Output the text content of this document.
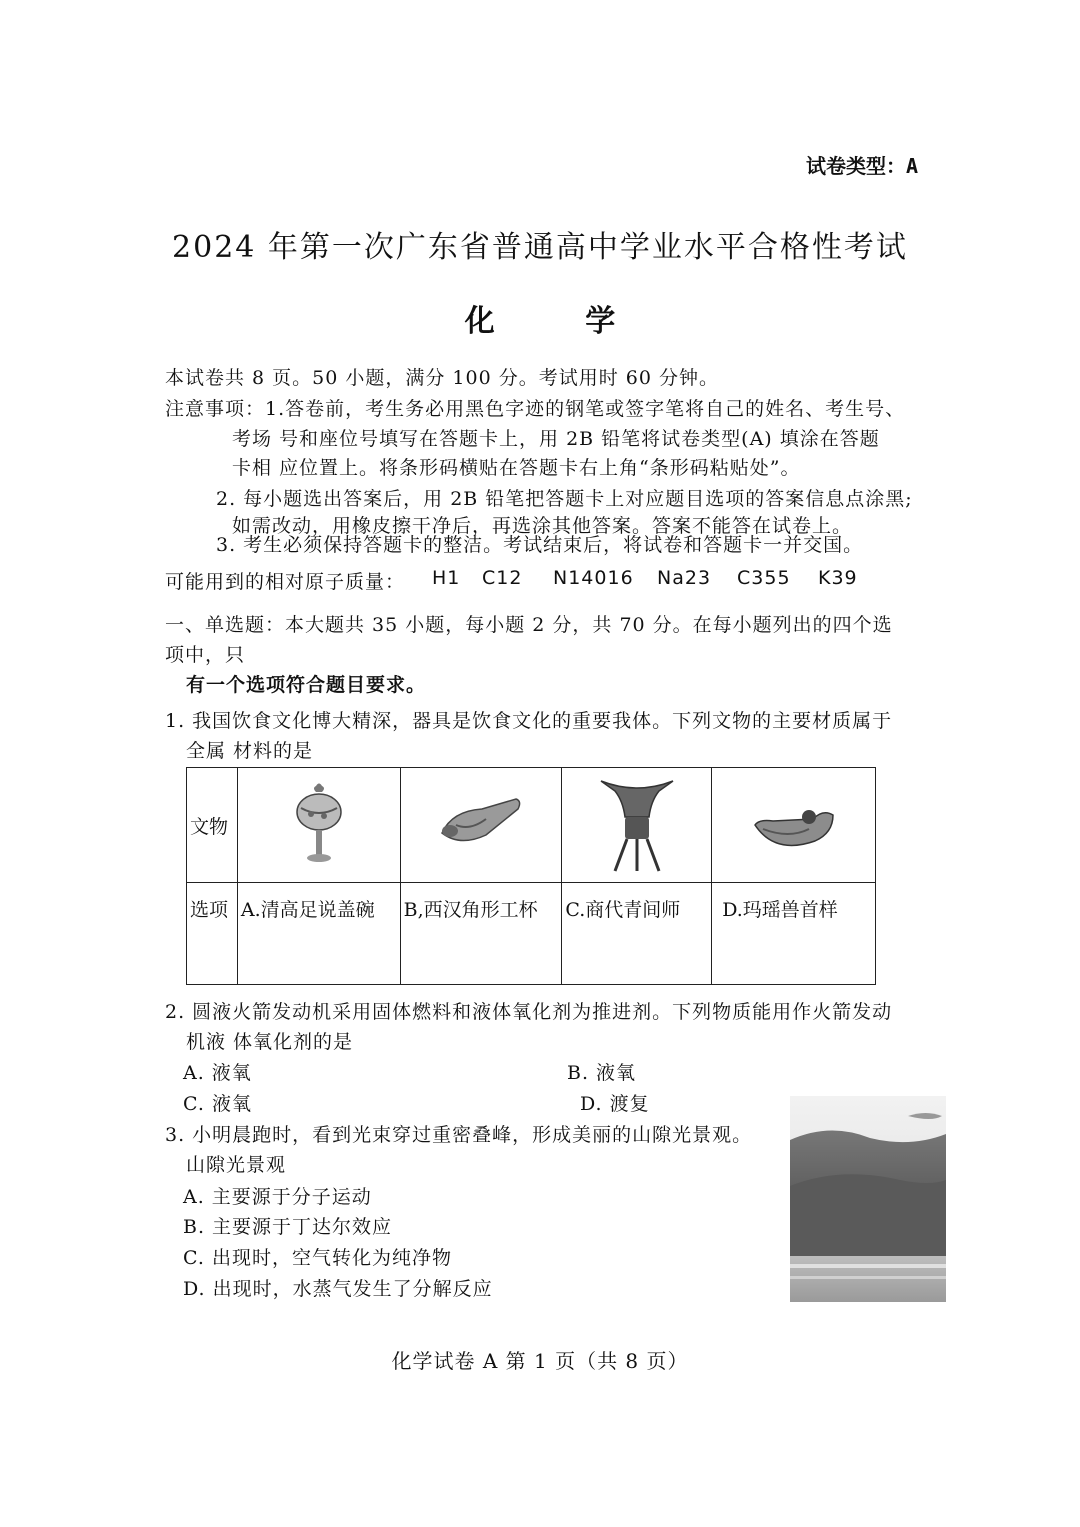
试卷类型：A
2024 年第一次广东省普通高中学业水平合格性考试
化 学
本试卷共 8 页。50 小题，满分 100 分。考试用时 60 分钟。
注意事项：1.答卷前，考生务必用黑色字迹的钢笔或签字笔将自己的姓名、考生号、
考场 号和座位号填写在答题卡上，用 2B 铅笔将试卷类型(A) 填涂在答题
卡相 应位置上。将条形码横贴在答题卡右上角“条形码粘贴处”。
2. 每小题选出答案后，用 2B 铅笔把答题卡上对应题目选项的答案信息点涂黑;
如需改动，用橡皮擦干净后，再选涂其他答案。答案不能答在试卷上。
3. 考生必须保持答题卡的整洁。考试结束后，将试卷和答题卡一并交国。
可能用到的相对原子质量： H1 C12 N14016 Na23 C355 K39
一、单选题：本大题共 35 小题，每小题 2 分，共 70 分。在每小题列出的四个选
项中，只
有一个选项符合题目要求。
1. 我国饮食文化博大精深，器具是饮食文化的重要我体。下列文物的主要材质属于
全属 材料的是
文物	

选项	A.清高足说盖碗	B,西汉角形工杯	C.商代青间师	D.玛瑶兽首样
2. 圆液火箭发动机采用固体燃料和液体氧化剂为推进剂。下列物质能用作火箭发动
机液 体氧化剂的是
A. 液氧	B. 液氧
C. 液氧	D. 渡复
3. 小明晨跑时，看到光束穿过重密叠峰，形成美丽的山隙光景观。
山隙光景观
A. 主要源于分子运动
B. 主要源于丁达尔效应
C. 出现时，空气转化为纯净物
D. 出现时，水蒸气发生了分解反应
化学试卷 A 第 1 页（共 8 页）
